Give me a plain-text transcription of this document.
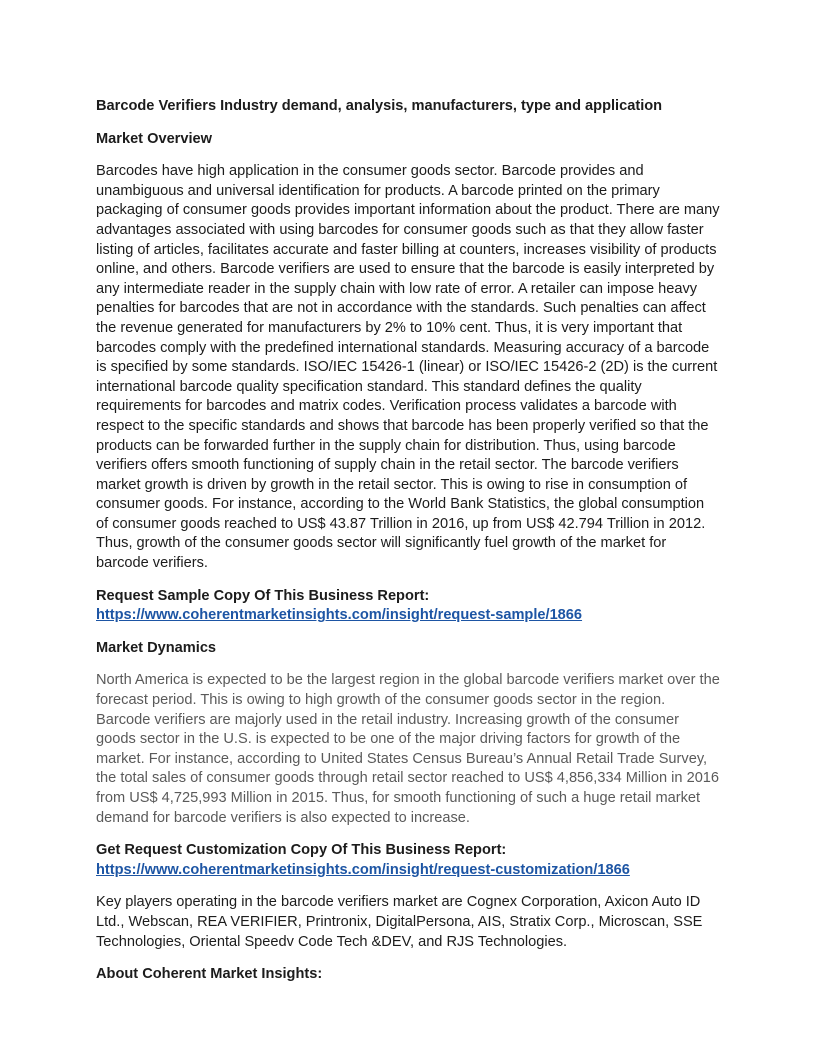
Barcode Verifiers Industry demand, analysis, manufacturers, type and application

Market Overview

Barcodes have high application in the consumer goods sector. Barcode provides and unambiguous and universal identification for products. A barcode printed on the primary packaging of consumer goods provides important information about the product. There are many advantages associated with using barcodes for consumer goods such as that they allow faster listing of articles, facilitates accurate and faster billing at counters, increases visibility of products online, and others. Barcode verifiers are used to ensure that the barcode is easily interpreted by any intermediate reader in the supply chain with low rate of error. A retailer can impose heavy penalties for barcodes that are not in accordance with the standards. Such penalties can affect the revenue generated for manufacturers by 2% to 10% cent. Thus, it is very important that barcodes comply with the predefined international standards. Measuring accuracy of a barcode is specified by some standards. ISO/IEC 15426-1 (linear) or ISO/IEC 15426-2 (2D) is the current international barcode quality specification standard. This standard defines the quality requirements for barcodes and matrix codes. Verification process validates a barcode with respect to the specific standards and shows that barcode has been properly verified so that the products can be forwarded further in the supply chain for distribution. Thus, using barcode verifiers offers smooth functioning of supply chain in the retail sector. The barcode verifiers market growth is driven by growth in the retail sector. This is owing to rise in consumption of consumer goods. For instance, according to the World Bank Statistics, the global consumption of consumer goods reached to US$ 43.87 Trillion in 2016, up from US$ 42.794 Trillion in 2012. Thus, growth of the consumer goods sector will significantly fuel growth of the market for barcode verifiers.

Request Sample Copy Of This Business Report:
https://www.coherentmarketinsights.com/insight/request-sample/1866

Market Dynamics

North America is expected to be the largest region in the global barcode verifiers market over the forecast period. This is owing to high growth of the consumer goods sector in the region. Barcode verifiers are majorly used in the retail industry. Increasing growth of the consumer goods sector in the U.S. is expected to be one of the major driving factors for growth of the market. For instance, according to United States Census Bureau’s Annual Retail Trade Survey, the total sales of consumer goods through retail sector reached to US$ 4,856,334 Million in 2016 from US$ 4,725,993 Million in 2015. Thus, for smooth functioning of such a huge retail market demand for barcode verifiers is also expected to increase.

Get Request Customization Copy Of This Business Report:
https://www.coherentmarketinsights.com/insight/request-customization/1866

Key players operating in the barcode verifiers market are Cognex Corporation, Axicon Auto ID Ltd., Webscan, REA VERIFIER, Printronix, DigitalPersona, AIS, Stratix Corp., Microscan, SSE Technologies, Oriental Speedv Code Tech &DEV, and RJS Technologies.

About Coherent Market Insights:
